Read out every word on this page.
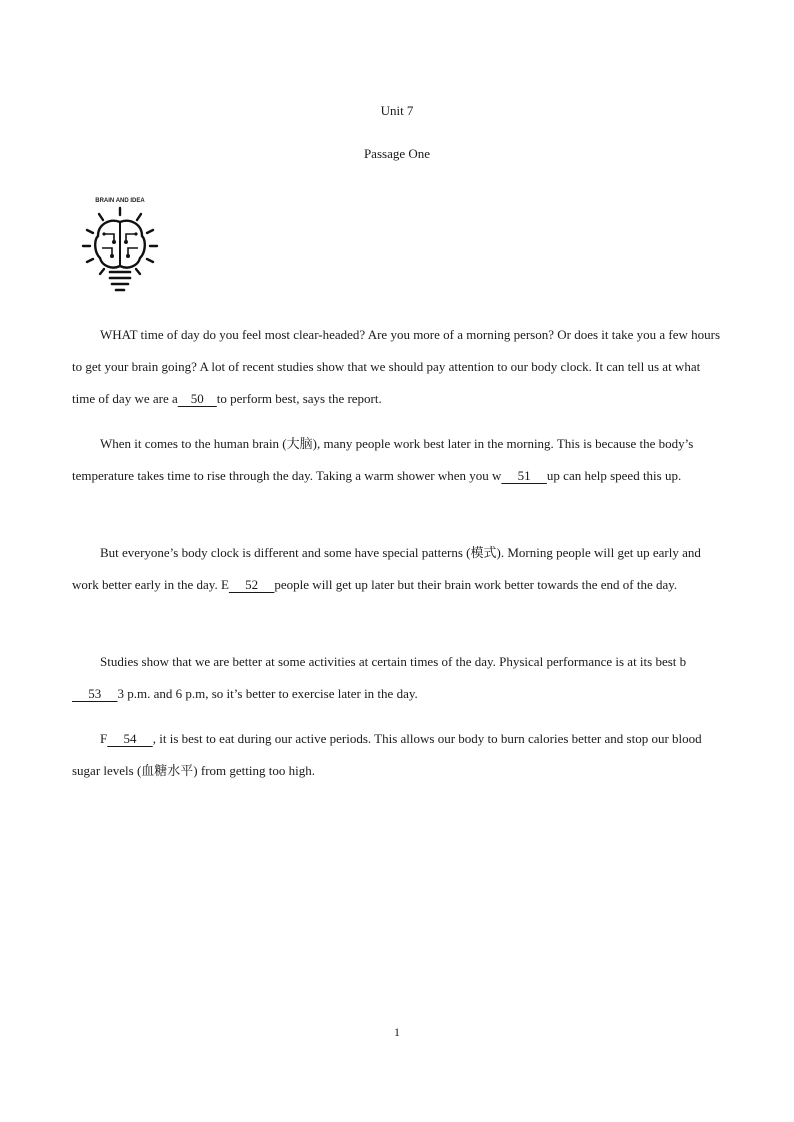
Unit 7
Passage One
BRAIN AND IDEA

WHAT time of day do you feel most clear-headed? Are you more of a morning person? Or does it take you a few hours to get your brain going? A lot of recent studies show that we should pay attention to our body clock. It can tell us at what time of day we are a    50    to perform best, says the report.

When it comes to the human brain (大脑), many people work best later in the morning. This is because the body’s temperature takes time to rise through the day. Taking a warm shower when you w     51     up can help speed this up.

But everyone’s body clock is different and some have special patterns (模式). Morning people will get up early and work better early in the day. E     52     people will get up later but their brain work better towards the end of the day.

Studies show that we are better at some activities at certain times of the day. Physical performance is at its best b     53     3 p.m. and 6 p.m, so it’s better to exercise later in the day.

F     54     , it is best to eat during our active periods. This allows our body to burn calories better and stop our blood sugar levels (血糖水平) from getting too high.

1
